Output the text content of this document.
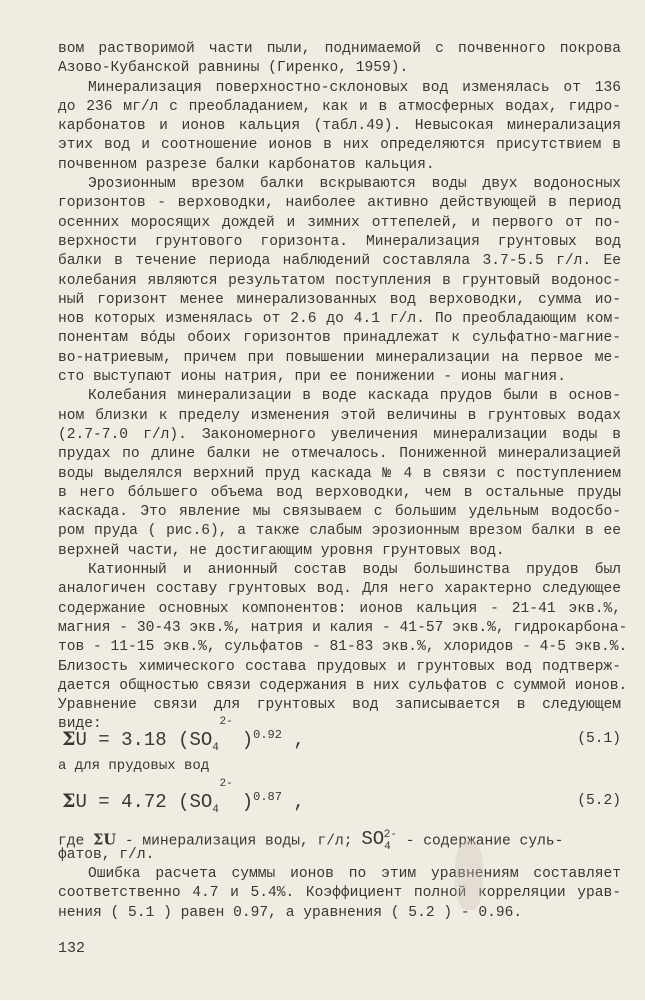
вом растворимой части пыли, поднимаемой с почвенного покрова
Азово-Кубанской равнины (Гиренко, 1959).
Минерализация поверхностно-склоновых вод изменялась от 136
до 236 мг/л с преобладанием, как и в атмосферных водах, гидро-
карбонатов и ионов кальция (табл.49). Невысокая минерализация
этих вод и соотношение ионов в них определяются присутствием в
почвенном разрезе балки карбонатов кальция.
Эрозионным врезом балки вскрываются воды двух водоносных
горизонтов - верховодки, наиболее активно действующей в период
осенних моросящих дождей и зимних оттепелей, и первого от по-
верхности грунтового горизонта. Минерализация грунтовых вод
балки в течение периода наблюдений составляла 3.7-5.5 г/л. Ее
колебания являются результатом поступления в грунтовый водонос-
ный горизонт менее минерализованных вод верховодки, сумма ио-
нов которых изменялась от 2.6 до 4.1 г/л. По преобладающим ком-
понентам вóды обоих горизонтов принадлежат к сульфатно-магние-
во-натриевым, причем при повышении минерализации на первое ме-
сто выступают ионы натрия, при ее понижении - ионы магния.
Колебания минерализации в воде каскада прудов были в основ-
ном близки к пределу изменения этой величины в грунтовых водах
(2.7-7.0 г/л). Закономерного увеличения минерализации воды в
прудах по длине балки не отмечалось. Пониженной минерализацией
воды выделялся верхний пруд каскада № 4 в связи с поступлением
в него бóльшего объема вод верховодки, чем в остальные пруды
каскада. Это явление мы связываем с большим удельным водосбо-
ром пруда ( рис.6), а также слабым эрозионным врезом балки в ее
верхней части, не достигающим уровня грунтовых вод.
Катионный и анионный состав воды большинства прудов был
аналогичен составу грунтовых вод. Для него характерно следующее
содержание основных компонентов: ионов кальция - 21-41 экв.%,
магния - 30-43 экв.%, натрия и калия - 41-57 экв.%, гидрокарбона-
тов - 11-15 экв.%, сульфатов - 81-83 экв.%, хлоридов - 4-5 экв.%.
Близость химического состава прудовых и грунтовых вод подтверж-
дается общностью связи содержания в них сульфатов с суммой ионов.
Уравнение связи для грунтовых вод записывается в следующем
виде:
ΣU = 3.18 ($SO_4$
2-
)$^{0.92}$ ,	(5.1)
а для прудовых вод
ΣU = 4.72 ($SO_4$
2-
)$^{0.87}$ ,	(5.2)
где ΣU - минерализация воды, г/л; $SO_4^{2-}$ - содержание суль-
фатов, г/л.
Ошибка расчета суммы ионов по этим уравнениям составляет
соответственно 4.7 и 5.4%. Коэффициент полной корреляции урав-
нения ( 5.1 ) равен 0.97, а уравнения ( 5.2 ) - 0.96.
132
